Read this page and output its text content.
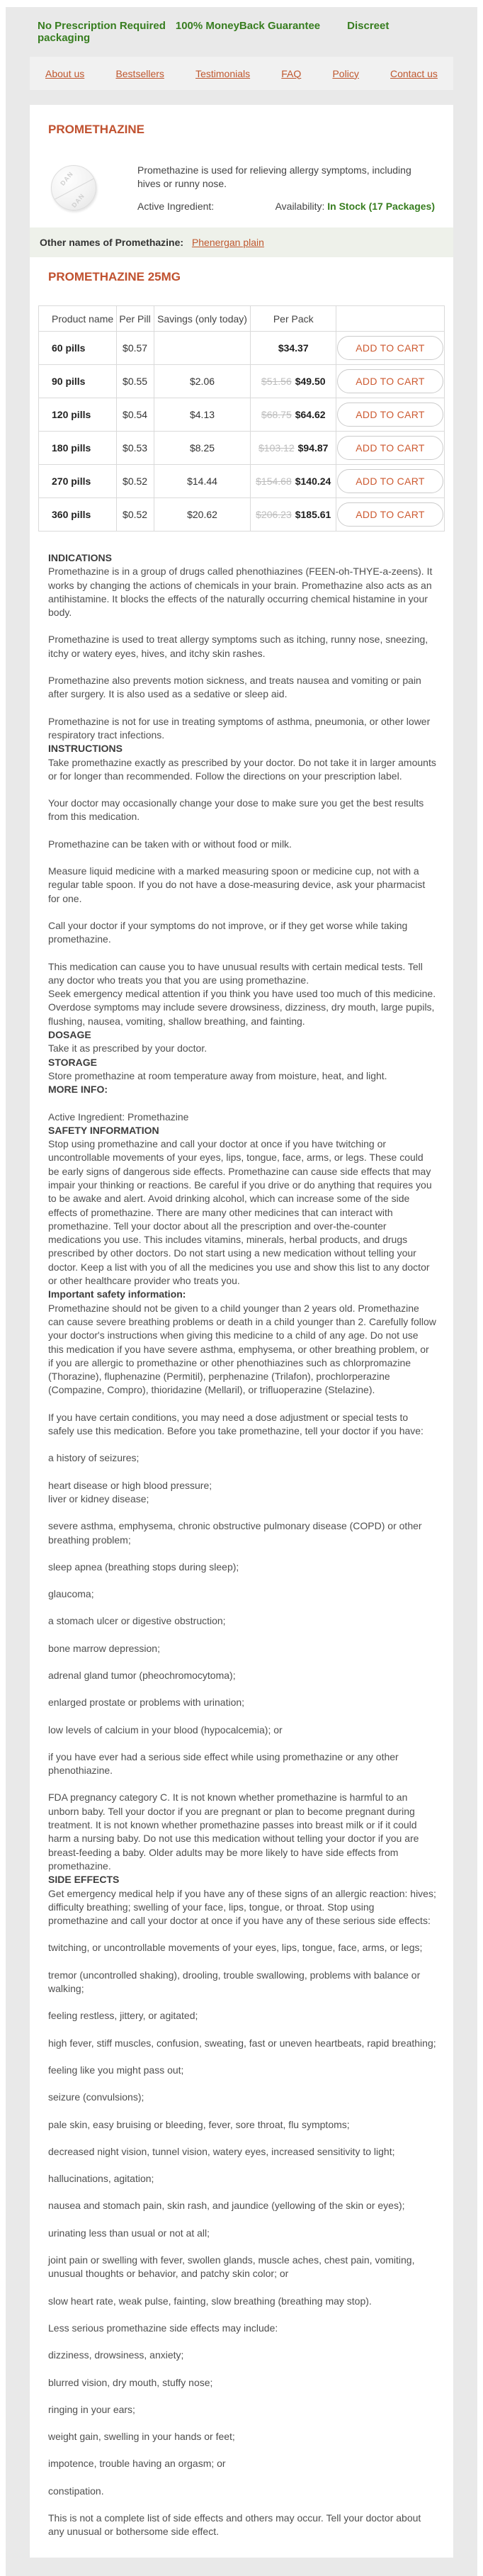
No Prescription Required 100% MoneyBack Guarantee	Discreet packaging
About us	Bestsellers	Testimonials	FAQ	Policy	Contact us
PROMETHAZINE
DAN
DAN

Promethazine is used for relieving allergy symptoms, including hives or runny nose.

Active Ingredient:	Availability: In Stock (17 Packages)
Other names of Promethazine: Phenergan plain
PROMETHAZINE 25MG
Product name	Per Pill	Savings (only today)	Per Pack	
60 pills	$0.57		$34.37	ADD TO CART
90 pills	$0.55	$2.06	$51.56 $49.50	ADD TO CART
120 pills	$0.54	$4.13	$68.75 $64.62	ADD TO CART
180 pills	$0.53	$8.25	$103.12 $94.87	ADD TO CART
270 pills	$0.52	$14.44	$154.68 $140.24	ADD TO CART
360 pills	$0.52	$20.62	$206.23 $185.61	ADD TO CART
INDICATIONS
Promethazine is in a group of drugs called phenothiazines (FEEN-oh-THYE-a-zeens). It works by changing the actions of chemicals in your brain. Promethazine also acts as an antihistamine. It blocks the effects of the naturally occurring chemical histamine in your body.
Promethazine is used to treat allergy symptoms such as itching, runny nose, sneezing, itchy or watery eyes, hives, and itchy skin rashes.
Promethazine also prevents motion sickness, and treats nausea and vomiting or pain after surgery. It is also used as a sedative or sleep aid.
Promethazine is not for use in treating symptoms of asthma, pneumonia, or other lower respiratory tract infections.
INSTRUCTIONS
Take promethazine exactly as prescribed by your doctor. Do not take it in larger amounts or for longer than recommended. Follow the directions on your prescription label.
Your doctor may occasionally change your dose to make sure you get the best results from this medication.
Promethazine can be taken with or without food or milk.
Measure liquid medicine with a marked measuring spoon or medicine cup, not with a regular table spoon. If you do not have a dose-measuring device, ask your pharmacist for one.
Call your doctor if your symptoms do not improve, or if they get worse while taking promethazine.
This medication can cause you to have unusual results with certain medical tests. Tell any doctor who treats you that you are using promethazine.
Seek emergency medical attention if you think you have used too much of this medicine. Overdose symptoms may include severe drowsiness, dizziness, dry mouth, large pupils, flushing, nausea, vomiting, shallow breathing, and fainting.
DOSAGE
Take it as prescribed by your doctor.
STORAGE
Store promethazine at room temperature away from moisture, heat, and light.
MORE INFO:
Active Ingredient: Promethazine
SAFETY INFORMATION
Stop using promethazine and call your doctor at once if you have twitching or uncontrollable movements of your eyes, lips, tongue, face, arms, or legs. These could be early signs of dangerous side effects. Promethazine can cause side effects that may impair your thinking or reactions. Be careful if you drive or do anything that requires you to be awake and alert. Avoid drinking alcohol, which can increase some of the side effects of promethazine. There are many other medicines that can interact with promethazine. Tell your doctor about all the prescription and over-the-counter medications you use. This includes vitamins, minerals, herbal products, and drugs prescribed by other doctors. Do not start using a new medication without telling your doctor. Keep a list with you of all the medicines you use and show this list to any doctor or other healthcare provider who treats you.
Important safety information:
Promethazine should not be given to a child younger than 2 years old. Promethazine can cause severe breathing problems or death in a child younger than 2. Carefully follow your doctor's instructions when giving this medicine to a child of any age. Do not use this medication if you have severe asthma, emphysema, or other breathing problem, or if you are allergic to promethazine or other phenothiazines such as chlorpromazine (Thorazine), fluphenazine (Permitil), perphenazine (Trilafon), prochlorperazine (Compazine, Compro), thioridazine (Mellaril), or trifluoperazine (Stelazine).
If you have certain conditions, you may need a dose adjustment or special tests to safely use this medication. Before you take promethazine, tell your doctor if you have:
a history of seizures;
heart disease or high blood pressure;
liver or kidney disease;
severe asthma, emphysema, chronic obstructive pulmonary disease (COPD) or other breathing problem;
sleep apnea (breathing stops during sleep);
glaucoma;
a stomach ulcer or digestive obstruction;
bone marrow depression;
adrenal gland tumor (pheochromocytoma);
enlarged prostate or problems with urination;
low levels of calcium in your blood (hypocalcemia); or
if you have ever had a serious side effect while using promethazine or any other phenothiazine.
FDA pregnancy category C. It is not known whether promethazine is harmful to an unborn baby. Tell your doctor if you are pregnant or plan to become pregnant during treatment. It is not known whether promethazine passes into breast milk or if it could harm a nursing baby. Do not use this medication without telling your doctor if you are breast-feeding a baby. Older adults may be more likely to have side effects from promethazine.
SIDE EFFECTS
Get emergency medical help if you have any of these signs of an allergic reaction: hives; difficulty breathing; swelling of your face, lips, tongue, or throat. Stop using promethazine and call your doctor at once if you have any of these serious side effects:
twitching, or uncontrollable movements of your eyes, lips, tongue, face, arms, or legs;
tremor (uncontrolled shaking), drooling, trouble swallowing, problems with balance or walking;
feeling restless, jittery, or agitated;
high fever, stiff muscles, confusion, sweating, fast or uneven heartbeats, rapid breathing;
feeling like you might pass out;
seizure (convulsions);
pale skin, easy bruising or bleeding, fever, sore throat, flu symptoms;
decreased night vision, tunnel vision, watery eyes, increased sensitivity to light;
hallucinations, agitation;
nausea and stomach pain, skin rash, and jaundice (yellowing of the skin or eyes);
urinating less than usual or not at all;
joint pain or swelling with fever, swollen glands, muscle aches, chest pain, vomiting, unusual thoughts or behavior, and patchy skin color; or
slow heart rate, weak pulse, fainting, slow breathing (breathing may stop).
Less serious promethazine side effects may include:
dizziness, drowsiness, anxiety;
blurred vision, dry mouth, stuffy nose;
ringing in your ears;
weight gain, swelling in your hands or feet;
impotence, trouble having an orgasm; or
constipation.
This is not a complete list of side effects and others may occur. Tell your doctor about any unusual or bothersome side effect.
